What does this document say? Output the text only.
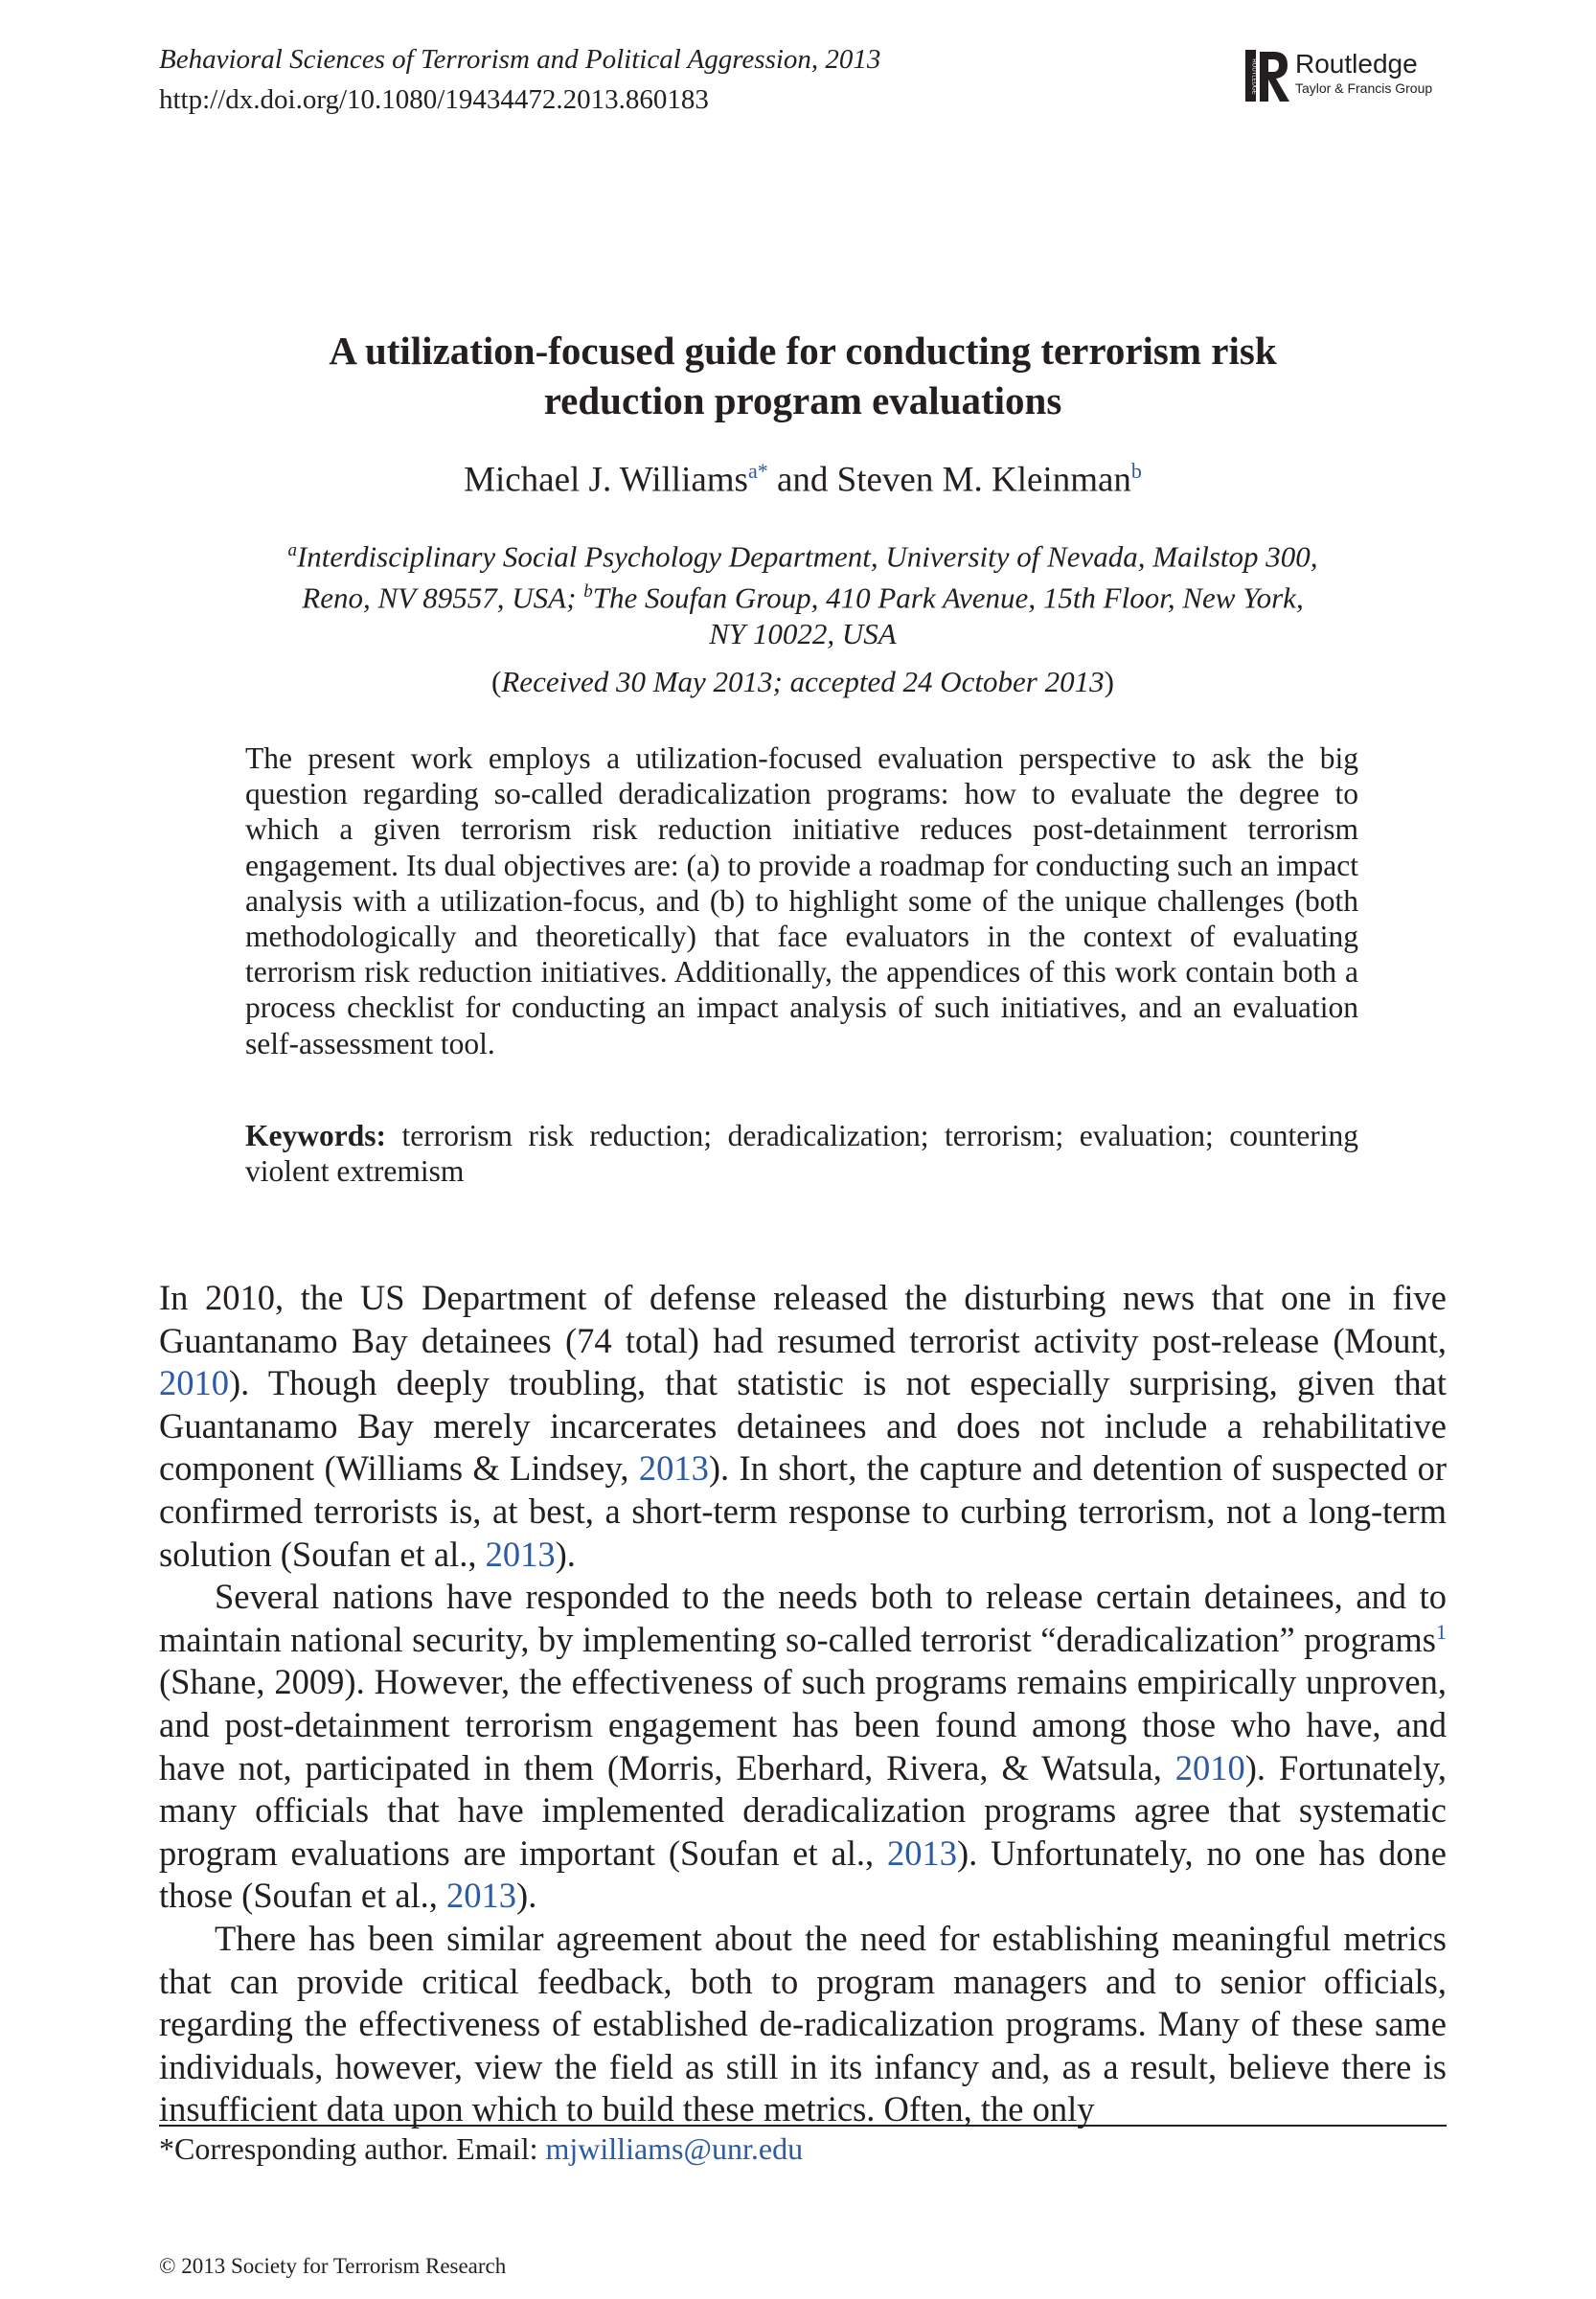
Behavioral Sciences of Terrorism and Political Aggression, 2013
http://dx.doi.org/10.1080/19434472.2013.860183
ROUTLEDGE Routledge
Taylor & Francis Group
A utilization-focused guide for conducting terrorism risk
reduction program evaluations
Michael J. Williams$^{a*}$ and Steven M. Kleinman$^b$
$^a$Interdisciplinary Social Psychology Department, University of Nevada, Mailstop 300,
Reno, NV 89557, USA; $^b$The Soufan Group, 410 Park Avenue, 15th Floor, New York,
NY 10022, USA
(Received 30 May 2013; accepted 24 October 2013)
The present work employs a utilization-focused evaluation perspective to ask the big question regarding so-called deradicalization programs: how to evaluate the degree to which a given terrorism risk reduction initiative reduces post-detainment terrorism engagement. Its dual objectives are: (a) to provide a roadmap for conducting such an impact analysis with a utilization-focus, and (b) to highlight some of the unique challenges (both methodologically and theoretically) that face evaluators in the context of evaluating terrorism risk reduction initiatives. Additionally, the appendices of this work contain both a process checklist for conducting an impact analysis of such initiatives, and an evaluation self-assessment tool.
Keywords: terrorism risk reduction; deradicalization; terrorism; evaluation; countering violent extremism

In 2010, the US Department of defense released the disturbing news that one in five Guantanamo Bay detainees (74 total) had resumed terrorist activity post-release (Mount, 2010). Though deeply troubling, that statistic is not especially surprising, given that Guantanamo Bay merely incarcerates detainees and does not include a rehabilitative component (Williams & Lindsey, 2013). In short, the capture and detention of suspected or confirmed terrorists is, at best, a short-term response to curbing terrorism, not a long-term solution (Soufan et al., 2013).

Several nations have responded to the needs both to release certain detainees, and to maintain national security, by implementing so-called terrorist “deradicalization” programs$^1$ (Shane, 2009). However, the effectiveness of such programs remains empirically unproven, and post-detainment terrorism engagement has been found among those who have, and have not, participated in them (Morris, Eberhard, Rivera, & Watsula, 2010). Fortunately, many officials that have implemented deradicalization programs agree that systematic program evaluations are important (Soufan et al., 2013). Unfortunately, no one has done those (Soufan et al., 2013).

There has been similar agreement about the need for establishing meaningful metrics that can provide critical feedback, both to program managers and to senior officials, regarding the effectiveness of established de-radicalization programs. Many of these same individuals, however, view the field as still in its infancy and, as a result, believe there is insufficient data upon which to build these metrics. Often, the only

*Corresponding author. Email: mjwilliams@unr.edu
© 2013 Society for Terrorism Research
